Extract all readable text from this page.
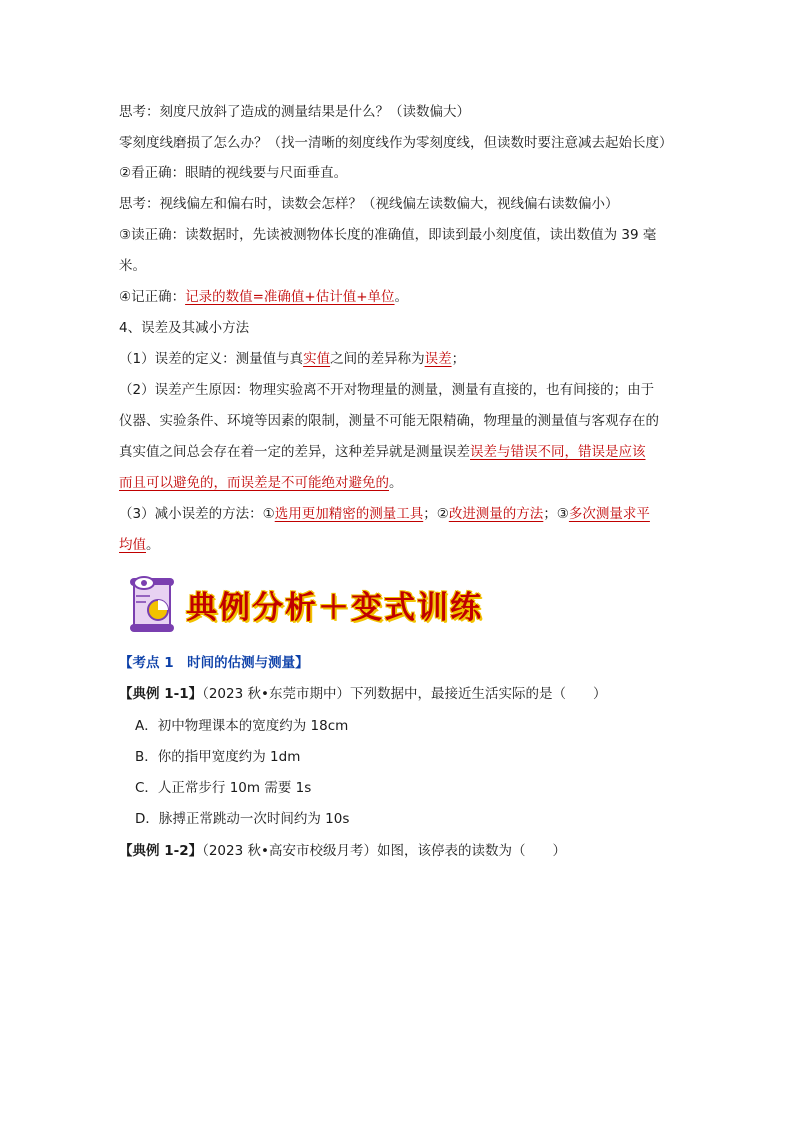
思考：刻度尺放斜了造成的测量结果是什么？（读数偏大）
零刻度线磨损了怎么办？（找一清晰的刻度线作为零刻度线，但读数时要注意减去起始长度）
②看正确：眼睛的视线要与尺面垂直。
思考：视线偏左和偏右时，读数会怎样？（视线偏左读数偏大，视线偏右读数偏小）
③读正确：读数据时，先读被测物体长度的准确值，即读到最小刻度值，读出数值为 39 毫
米。
④记正确：记录的数值=准确值+估计值+单位。
4、误差及其减小方法
（1）误差的定义：测量值与真实值之间的差异称为误差；
（2）误差产生原因：物理实验离不开对物理量的测量，测量有直接的，也有间接的；由于
仪器、实验条件、环境等因素的限制，测量不可能无限精确，物理量的测量值与客观存在的
真实值之间总会存在着一定的差异，这种差异就是测量误差误差与错误不同，错误是应该
而且可以避免的，而误差是不可能绝对避免的。
（3）减小误差的方法：①选用更加精密的测量工具；②改进测量的方法；③多次测量求平
均值。
典例分析＋变式训练
【考点 1　时间的估测与测量】
【典例 1-1】（2023 秋•东莞市期中）下列数据中，最接近生活实际的是（　　）
A．初中物理课本的宽度约为 18cm
B．你的指甲宽度约为 1dm
C．人正常步行 10m 需要 1s
D．脉搏正常跳动一次时间约为 10s
【典例 1-2】（2023 秋•高安市校级月考）如图，该停表的读数为（　　）
